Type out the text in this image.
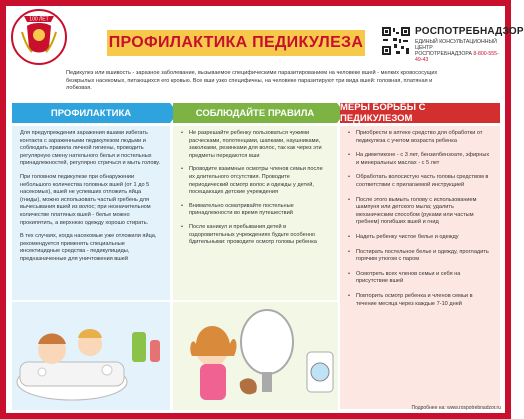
100 ЛЕТ
ПРОФИЛАКТИКА ПЕДИКУЛЕЗА
РОСПОТРЕБНАДЗОР
ЕДИНЫЙ КОНСУЛЬТАЦИОННЫЙ ЦЕНТР
РОСПОТРЕБНАДЗОРА 8-800-555-49-43
Педикулез или вшивость - заразное заболевание, вызываемое специфическими паразитированием на человеке вшей - мелких кровососущих безкрылых насекомых, питающихся его кровью. Все вши узко специфичны, на человеке паразитируют три вида вшей: головная, платяная и лобковая.
ПРОФИЛАКТИКА	СОБЛЮДАЙТЕ ПРАВИЛА	МЕРЫ БОРЬБЫ С ПЕДИКУЛЕЗОМ

Для предупреждения заражения вшами избегать контакта с зараженными педикулезом людьми и соблюдать правила личной гигиены, проводить регулярную смену нательного белья и постельных принадлежностей, регулярно стричься и мыть голову.

При головном педикулезе при обнаружении небольшого количества головных вшей (от 1 до 5 насекомых), вшей не успевших отложить яйца (гниды), можно использовать частый гребень для вычесывания вшей из волос; при незначительном количестве платяных вшей - белье можно прокипятить, а верхнюю одежду хорошо стирать.

В тех случаях, когда насекомые уже отложили яйца, рекомендуется применять специальные инсектицидные средства - педикулициды, предназначенные для уничтожения вшей

• Не разрешайте ребенку пользоваться чужими расческами, полотенцами, шапками, наушниками, заколками, резинками для волос, так как через эти предметы передаются вши
• Проводите взаимные осмотры членов семьи после их длительного отсутствия. Проводите периодический осмотр волос и одежды у детей, посещающих детские учреждения
• Внимательно осматривайте постельные принадлежности во время путешествий
• После каникул и пребывания детей в оздоровительных учреждениях будьте особенно бдительными: проводите осмотр головы ребенка
• Приобрести в аптеке средство для обработки от педикулеза с учетом возраста ребенка
• На диметиконе - с 3 лет, бензилбензоате, эфирных и минеральных маслах - с 5 лет
• Обработать волосистую часть головы средством в соответствии с прилагаемой инструкцией
• После этого вымыть голову с использованием шампуня или детского мыла; удалить механическим способом (руками или частым гребнем) погибших вшей и гнид
• Надеть ребенку чистое белье и одежду
• Постирать постельное белье и одежду, прогладить горячим утюгом с паром
• Осмотреть всех членов семьи и себя на присутствие вшей
• Повторить осмотр ребенка и членов семьи в течение месяца через каждые 7-10 дней
Подробнее на: www.rospotrebnadzor.ru
